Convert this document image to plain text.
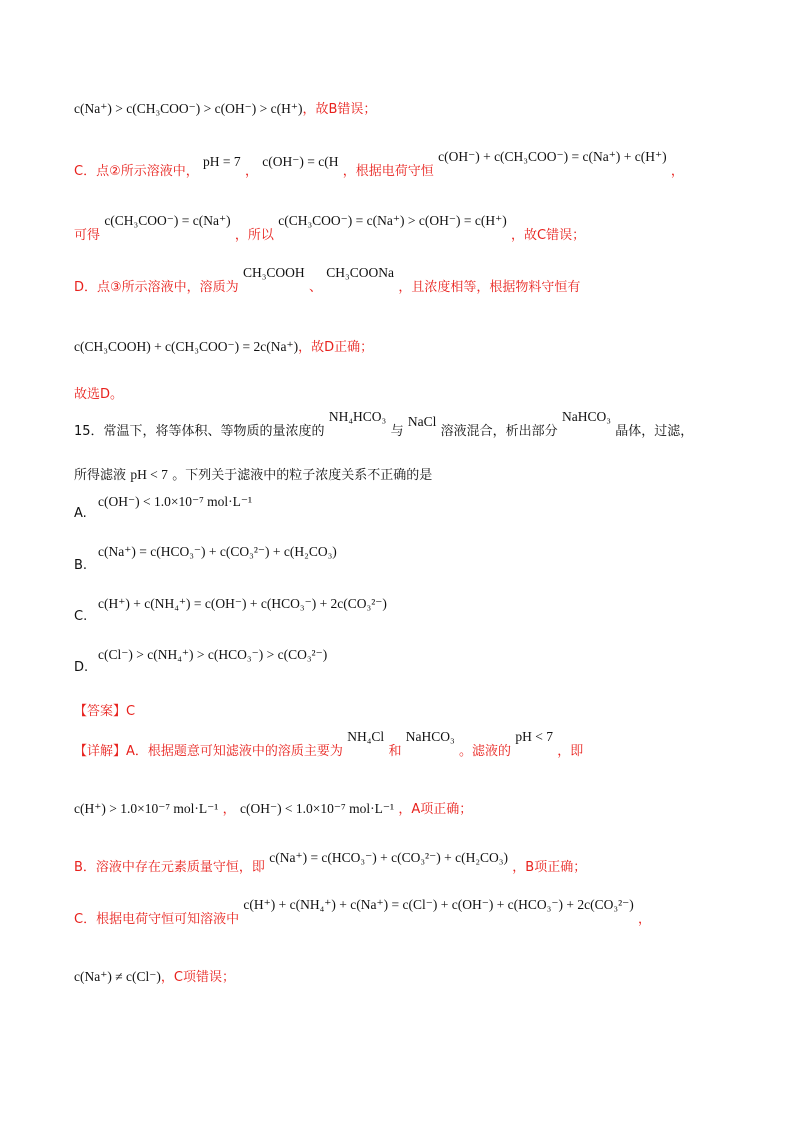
c(Na⁺) > c(CH₃COO⁻) > c(OH⁻) > c(H⁺)，故B错误；
C．点②所示溶液中， pH = 7 ， c(OH⁻) = c(H ，根据电荷守恒 c(OH⁻) + c(CH₃COO⁻) = c(Na⁺) + c(H⁺) ，
可得 c(CH₃COO⁻) = c(Na⁺) ，所以 c(CH₃COO⁻) = c(Na⁺) > c(OH⁻) = c(H⁺) ，故C错误；
D．点③所示溶液中，溶质为 CH₃COOH 、 CH₃COONa ，且浓度相等，根据物料守恒有
c(CH₃COOH) + c(CH₃COO⁻) = 2c(Na⁺)，故D正确；
故选D。
15．常温下，将等体积、等物质的量浓度的 NH₄HCO₃ 与 NaCl 溶液混合，析出部分 NaHCO₃ 晶体，过滤，
所得滤液 pH < 7 。下列关于滤液中的粒子浓度关系不正确的是
A.
c(OH⁻) < 1.0×10⁻⁷ mol·L⁻¹
B.
c(Na⁺) = c(HCO₃⁻) + c(CO₃²⁻) + c(H₂CO₃)
C.
c(H⁺) + c(NH₄⁺) = c(OH⁻) + c(HCO₃⁻) + 2c(CO₃²⁻)
D.
c(Cl⁻) > c(NH₄⁺) > c(HCO₃⁻) > c(CO₃²⁻)
【答案】C
【详解】A．根据题意可知滤液中的溶质主要为 NH₄Cl 和 NaHCO₃ 。滤液的 pH < 7 ，即
c(H⁺) > 1.0×10⁻⁷ mol·L⁻¹ ， c(OH⁻) < 1.0×10⁻⁷ mol·L⁻¹ ，A项正确；
B．溶液中存在元素质量守恒，即 c(Na⁺) = c(HCO₃⁻) + c(CO₃²⁻) + c(H₂CO₃) ，B项正确；
C．根据电荷守恒可知溶液中 c(H⁺) + c(NH₄⁺) + c(Na⁺) = c(Cl⁻) + c(OH⁻) + c(HCO₃⁻) + 2c(CO₃²⁻) ，
c(Na⁺) ≠ c(Cl⁻)，C项错误；
